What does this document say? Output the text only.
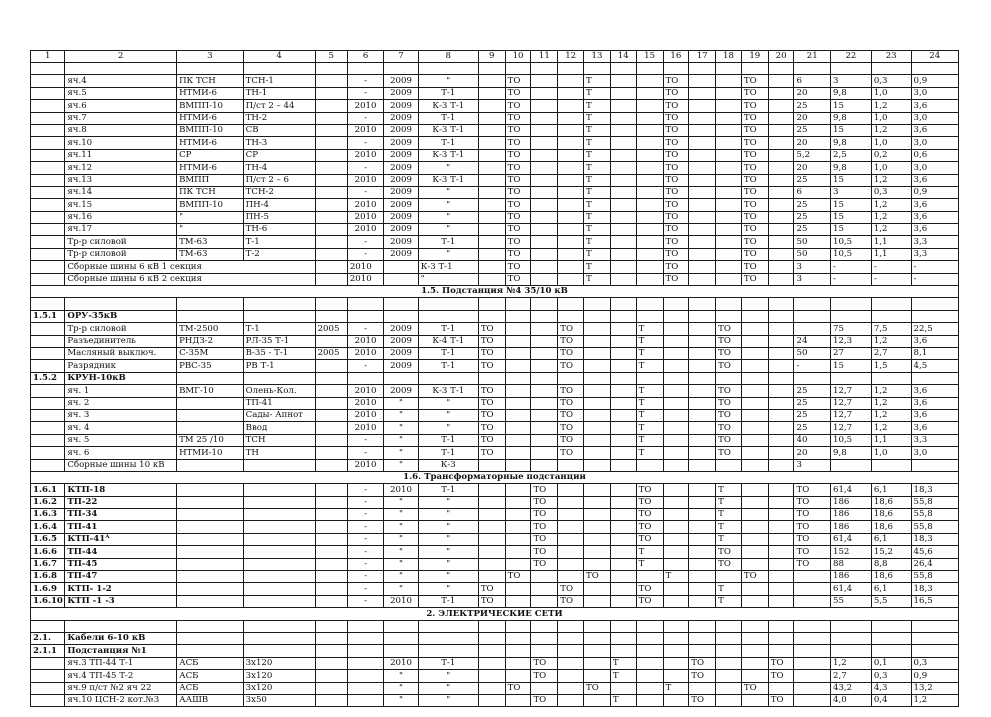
1	2	3	4	5	6	7	8	9	10	11	12	13	14	15	16	17	18	19	20	21	22	23	24

	яч.4	ПК ТСН	ТСН-1		-	2009	"		ТО			Т			ТО			ТО		6	3	0,3	0,9
	яч.5	НТМИ-6	ТН-1		-	2009	Т-1		ТО			Т			ТО			ТО		20	9,8	1,0	3,0
	яч.6	ВМПП-10	П/ст 2 – 44		2010	2009	К-3 Т-1		ТО			Т			ТО			ТО		25	15	1,2	3,6
	яч.7	НТМИ-6	ТН-2		-	2009	Т-1		ТО			Т			ТО			ТО		20	9,8	1,0	3,0
	яч.8	ВМПП-10	СВ		2010	2009	К-3 Т-1		ТО			Т			ТО			ТО		25	15	1,2	3,6
	яч.10	НТМИ-6	ТН-3		-	2009	Т-1		ТО			Т			ТО			ТО		20	9,8	1,0	3,0
	яч.11	СР	СР		2010	2009	К-3 Т-1		ТО			Т			ТО			ТО		5,2	2,5	0,2	0,6
	яч.12	НТМИ-6	ТН-4		-	2009	"		ТО			Т			ТО			ТО		20	9,8	1,0	3,0
	яч.13	ВМПП	П/ст 2 – 6		2010	2009	К-3 Т-1		ТО			Т			ТО			ТО		25	15	1,2	3,6
	яч.14	ПК ТСН	ТСН-2		-	2009	"		ТО			Т			ТО			ТО		6	3	0,3	0,9
	яч.15	ВМПП-10	ПН-4		2010	2009	"		ТО			Т			ТО			ТО		25	15	1,2	3,6
	яч.16	"	ПН-5		2010	2009	"		ТО			Т			ТО			ТО		25	15	1,2	3,6
	яч.17	"	ТН-6		2010	2009	"		ТО			Т			ТО			ТО		25	15	1,2	3,6
	Тр-р силовой	ТМ-63	Т-1		-	2009	Т-1		ТО			Т			ТО			ТО		50	10,5	1,1	3,3
	Тр-р силовой	ТМ-63	Т-2		-	2009	"		ТО			Т			ТО			ТО		50	10,5	1,1	3,3
	Сборные шины 6 кВ 1 секция				2010		К-3 Т-1		ТО			Т			ТО			ТО		3	-	-	-
	Сборные шины 6 кВ 2 секция				2010		"		ТО			Т			ТО			ТО		3	-	-	-
1.5. Подстанция №4 35/10 кВ																							

1.5.1	ОРУ-35кВ																						
	Тр-р силовой	ТМ-2500	Т-1	2005	-	2009	Т-1	ТО			ТО			Т			ТО				75	7,5	22,5
	Разъединитель	РНДЗ-2	РЛ-35 Т-1		2010	2009	К-4 Т-1	ТО			ТО			Т			ТО			24	12,3	1,2	3,6
	Масляный выключ.	С-35М	В-35 - Т-1	2005	2010	2009	Т-1	ТО			ТО			Т			ТО			50	27	2,7	8,1
	Разрядник	РВС-35	РВ Т-1		-	2009	Т-1	ТО			ТО			Т			ТО			-	15	1,5	4,5
1.5.2	КРУН-10кВ																						
	яч. 1	ВМГ-10	Олень-Кол.		2010	2009	К-3 Т-1	ТО			ТО			Т			ТО			25	12,7	1,2	3,6
	яч. 2		ТП-41		2010	"	"	ТО			ТО			Т			ТО			25	12,7	1,2	3,6
	яч. 3		Сады- Апнот		2010	"	"	ТО			ТО			Т			ТО			25	12,7	1,2	3,6
	яч. 4		Ввод		2010	"	"	ТО			ТО			Т			ТО			25	12,7	1,2	3,6
	яч. 5	ТМ 25 /10	ТСН		-	"	Т-1	ТО			ТО			Т			ТО			40	10,5	1,1	3,3
	яч. 6	НТМИ-10	ТН		-	"	Т-1	ТО			ТО			Т			ТО			20	9,8	1,0	3,0
	Сборные шины 10 кВ				2010	"	К-3													3			
1.6. Трансформаторные подстанции																							
1.6.1	КТП-18				-	2010	Т-1			ТО				ТО			Т			ТО	61,4	6,1	18,3
1.6.2	ТП-22				-	"	"			ТО				ТО			Т			ТО	186	18,6	55,8
1.6.3	ТП-34				-	"	"			ТО				ТО			Т			ТО	186	18,6	55,8
1.6.4	ТП-41				-	"	"			ТО				ТО			Т			ТО	186	18,6	55,8
1.6.5	КТП-41ᴬ				-	"	"			ТО				ТО			Т			ТО	61,4	6,1	18,3
1.6.6	ТП-44				-	"	"			ТО				Т			ТО			ТО	152	15,2	45,6
1.6.7	ТП-45				-	"	"			ТО				Т			ТО			ТО	88	8,8	26,4
1.6.8	ТП-47				-	"	"		ТО			ТО			Т			ТО			186	18,6	55,8
1.6.9	КТП- 1-2				-	"	"	ТО			ТО			ТО			Т				61,4	6,1	18,3
1.6.10	КТП -1 -3				-	2010	Т-1	ТО			ТО			ТО			Т				55	5,5	16,5
2. ЭЛЕКТРИЧЕСКИЕ СЕТИ																							

2.1.	Кабели 6-10 кВ																						
2.1.1	Подстанция №1																						
	яч.3 ТП-44 Т-1	АСБ	3х120			2010	Т-1			ТО			Т			ТО			ТО		1,2	0,1	0,3
	яч.4 ТП-45 Т-2	АСБ	3х120			"	"			ТО			Т			ТО			ТО		2,7	0,3	0,9
	яч.9 п/ст №2 яч 22	АСБ	3х120			"	"		ТО			ТО			Т			ТО			43,2	4,3	13,2
	яч.10 ЦСН-2 кот.№3	ААШВ	3х50			"	"			ТО			Т			ТО			ТО		4,0	0,4	1,2
